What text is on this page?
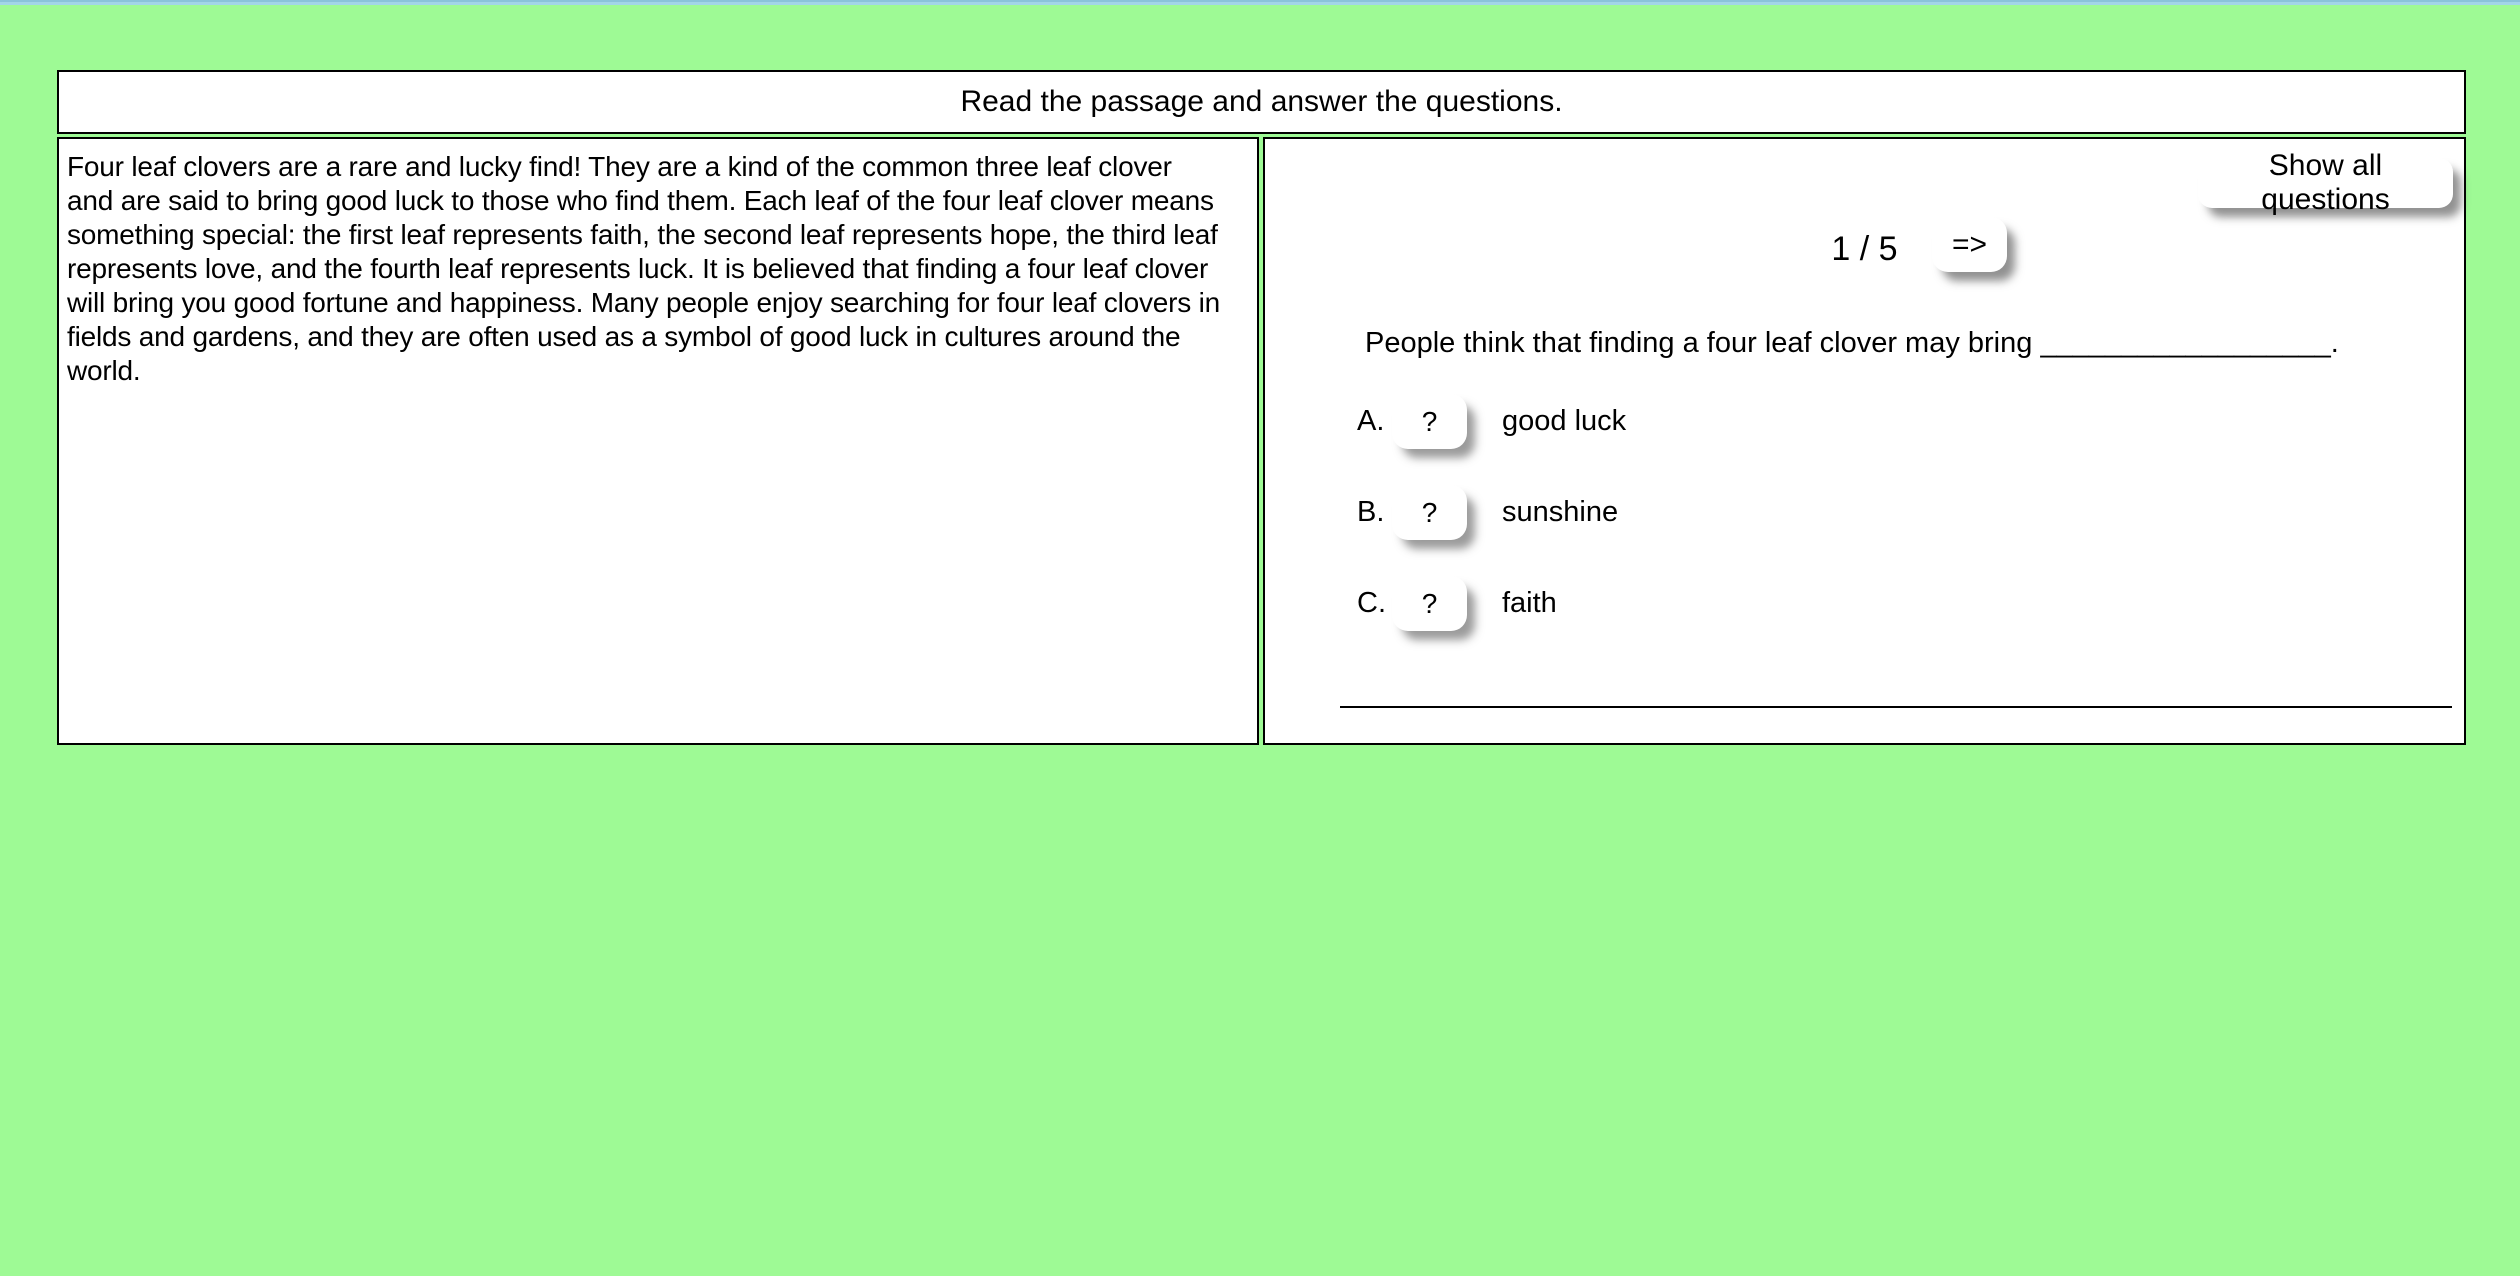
Read the passage and answer the questions.
Four leaf clovers are a rare and lucky find! They are a kind of the common three leaf clover and are said to bring good luck to those who find them. Each leaf of the four leaf clover means something special: the first leaf represents faith, the second leaf represents hope, the third leaf represents love, and the fourth leaf represents luck. It is believed that finding a four leaf clover will bring you good fortune and happiness. Many people enjoy searching for four leaf clovers in fields and gardens, and they are often used as a symbol of good luck in cultures around the world.
Show all questions
1 / 5	=>
People think that finding a four leaf clover may bring __________________.
A.	?	good luck
B.	?	sunshine
C.	?	faith
